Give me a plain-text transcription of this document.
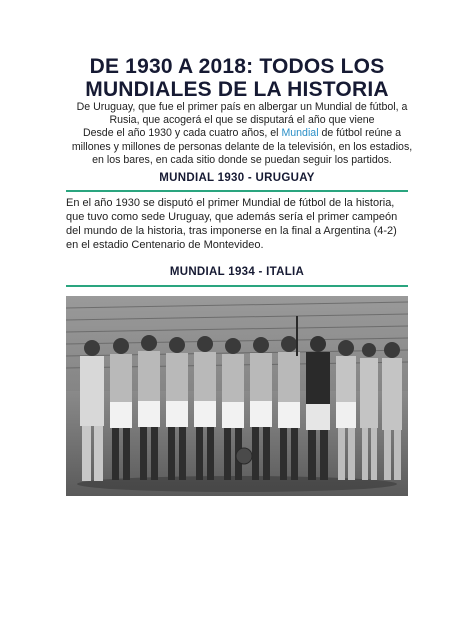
DE 1930 A 2018: TODOS LOS MUNDIALES DE LA HISTORIA

De Uruguay, que fue el primer país en albergar un Mundial de fútbol, a Rusia, que acogerá el que se disputará el año que viene

Desde el año 1930 y cada cuatro años, el Mundial de fútbol reúne a millones y millones de personas delante de la televisión, en los estadios, en los bares, en cada sitio donde se puedan seguir los partidos.

MUNDIAL 1930 - URUGUAY

En el año 1930 se disputó el primer Mundial de fútbol de la historia, que tuvo como sede Uruguay, que además sería el primer campeón del mundo de la historia, tras imponerse en la final a Argentina (4-2) en el estadio Centenario de Montevideo.

MUNDIAL 1934 - ITALIA
